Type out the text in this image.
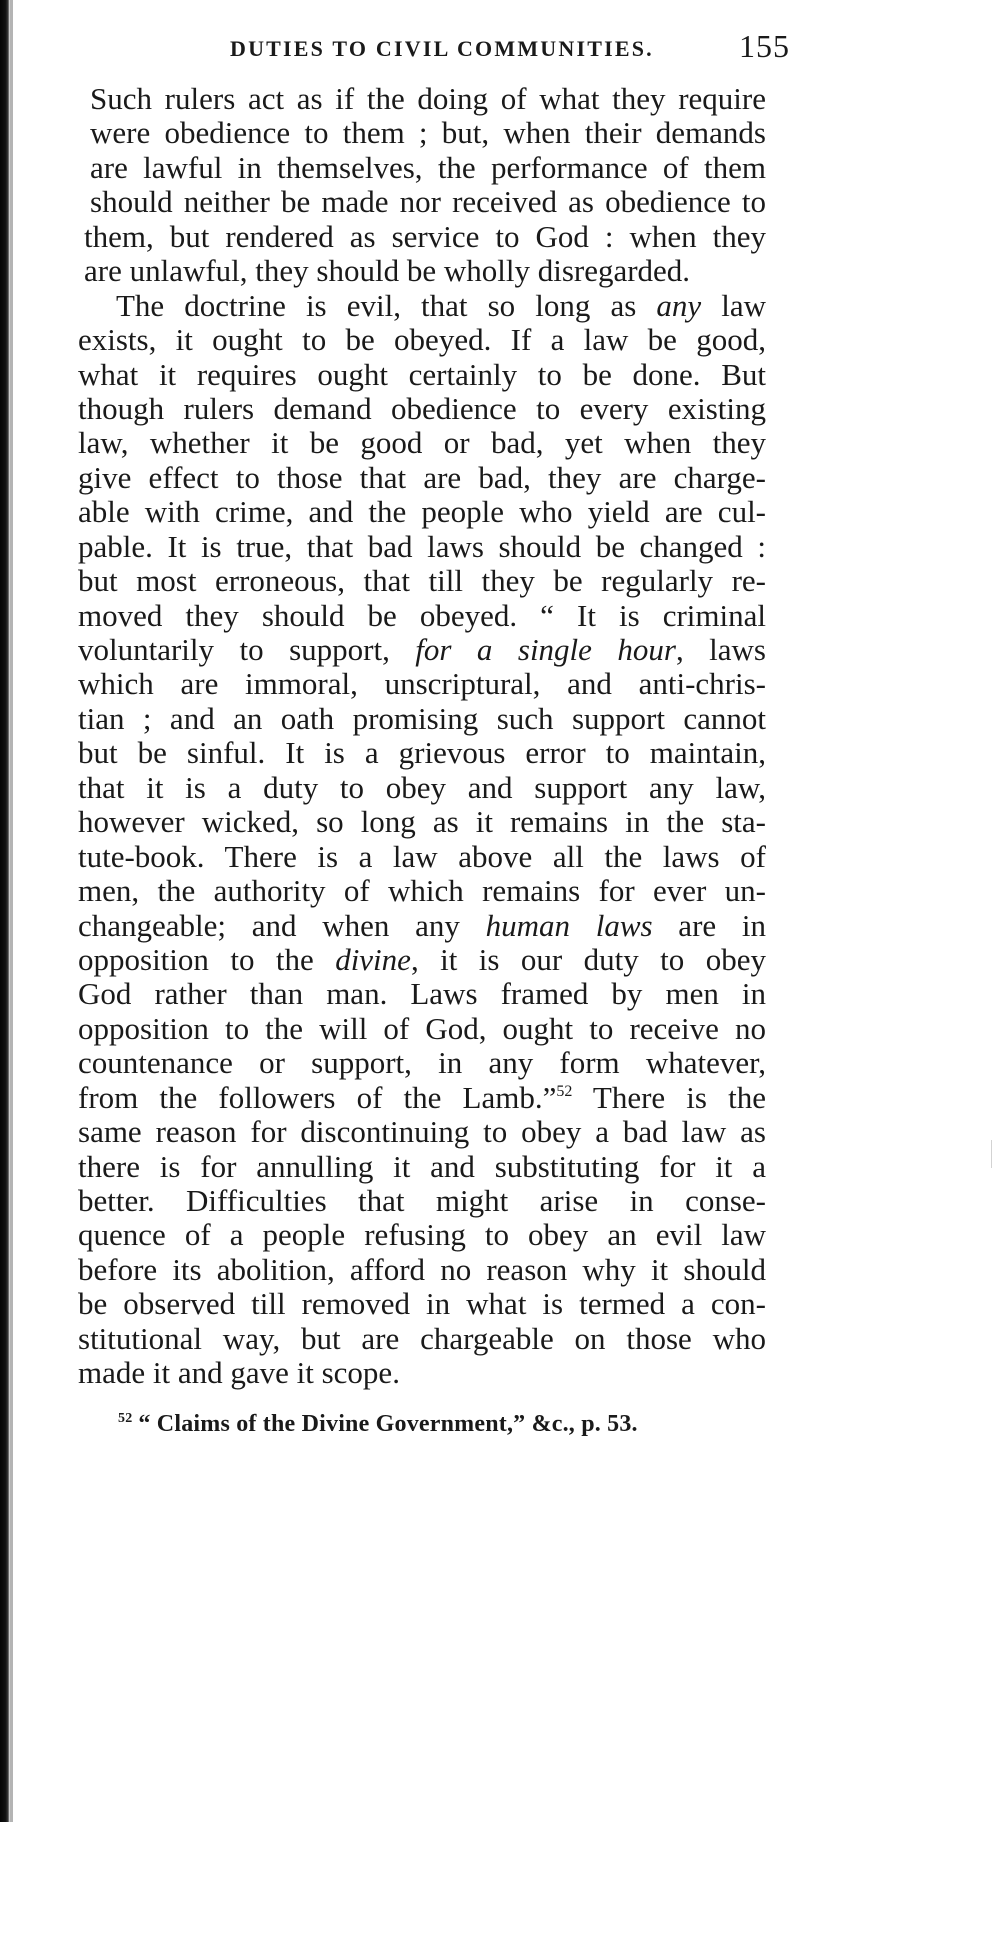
DUTIES TO CIVIL COMMUNITIES.	155
Such rulers act as if the doing of what they require
were obedience to them ; but, when their demands
are lawful in themselves, the performance of them
should neither be made nor received as obedience to
them, but rendered as service to God : when they
are unlawful, they should be wholly disregarded.
The doctrine is evil, that so long as any law
exists, it ought to be obeyed. If a law be good,
what it requires ought certainly to be done. But
though rulers demand obedience to every existing
law, whether it be good or bad, yet when they
give effect to those that are bad, they are charge-
able with crime, and the people who yield are cul-
pable. It is true, that bad laws should be changed :
but most erroneous, that till they be regularly re-
moved they should be obeyed. “ It is criminal
voluntarily to support, for a single hour, laws
which are immoral, unscriptural, and anti-chris-
tian ; and an oath promising such support cannot
but be sinful. It is a grievous error to maintain,
that it is a duty to obey and support any law,
however wicked, so long as it remains in the sta-
tute-book. There is a law above all the laws of
men, the authority of which remains for ever un-
changeable; and when any human laws are in
opposition to the divine, it is our duty to obey
God rather than man. Laws framed by men in
opposition to the will of God, ought to receive no
countenance or support, in any form whatever,
from the followers of the Lamb.”$^{52}$ There is the
same reason for discontinuing to obey a bad law as
there is for annulling it and substituting for it a
better. Difficulties that might arise in conse-
quence of a people refusing to obey an evil law
before its abolition, afford no reason why it should
be observed till removed in what is termed a con-
stitutional way, but are chargeable on those who
made it and gave it scope.
$^{52}$ “ Claims of the Divine Government,” &c., p. 53.
